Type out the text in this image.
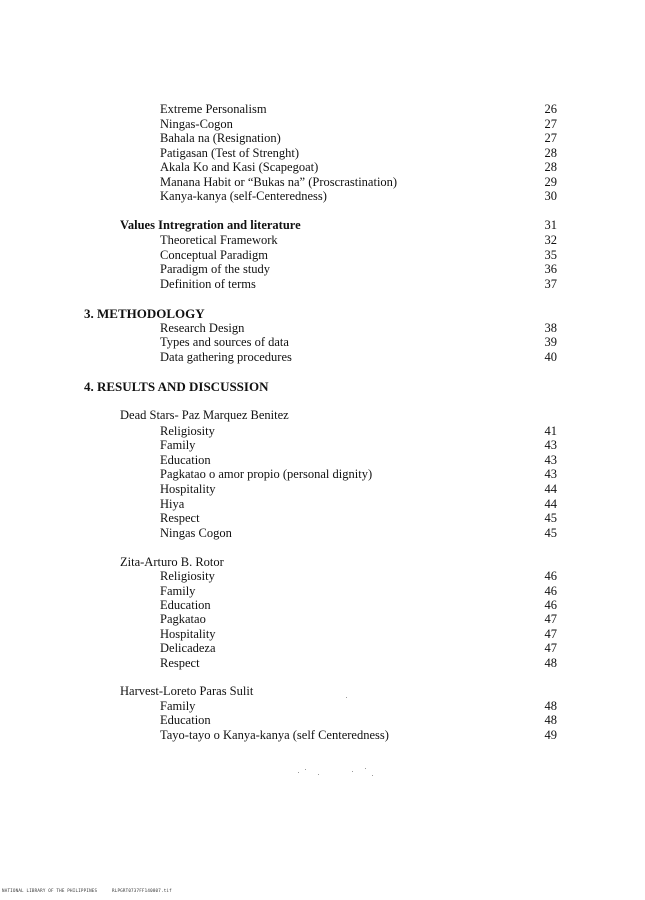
Extreme Personalism	26
Ningas-Cogon	27
Bahala na (Resignation)	27
Patigasan (Test of Strenght)	28
Akala Ko and Kasi (Scapegoat)	28
Manana Habit or “Bukas na” (Proscrastination)	29
Kanya-kanya (self-Centeredness)	30
Values Intregration and literature	31
Theoretical Framework	32
Conceptual Paradigm	35
Paradigm of the study	36
Definition of terms	37
3. METHODOLOGY
Research Design	38
Types and sources of data	39
Data gathering procedures	40
4. RESULTS AND DISCUSSION
Dead Stars- Paz Marquez Benitez
Religiosity	41
Family	43
Education	43
Pagkatao o amor propio (personal dignity)	43
Hospitality	44
Hiya	44
Respect	45
Ningas Cogon	45
Zita-Arturo B. Rotor
Religiosity	46
Family	46
Education	46
Pagkatao	47
Hospitality	47
Delicadeza	47
Respect	48
Harvest-Loreto Paras Sulit
Family	48
Education	48
Tayo-tayo o Kanya-kanya (self Centeredness)	49
NATIONAL LIBRARY OF THE PHILIPPINES	RLPGRT0737FF140807.tif
